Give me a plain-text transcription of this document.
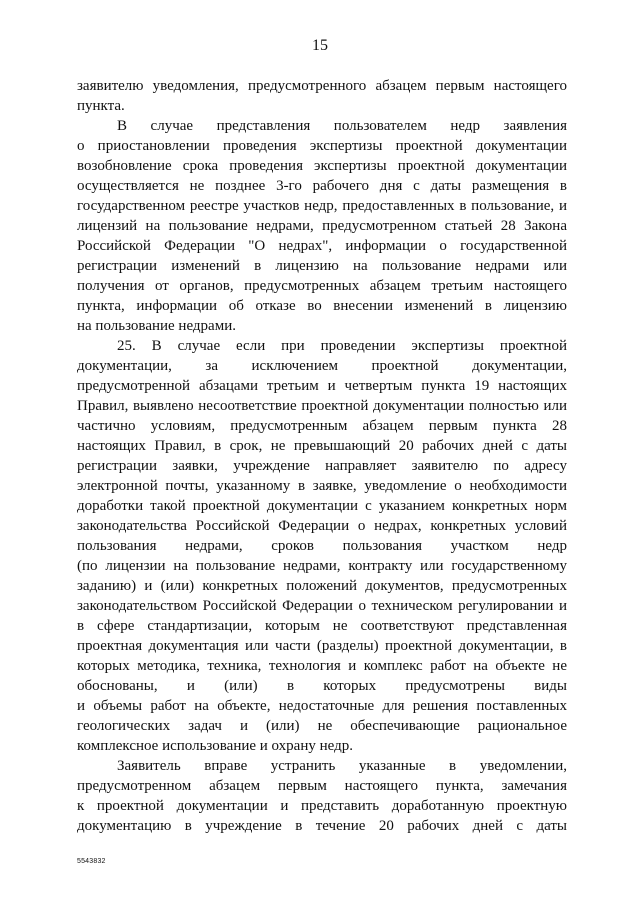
15
заявителю уведомления, предусмотренного абзацем первым настоящего
пункта.
В случае представления пользователем недр заявления
о приостановлении проведения экспертизы проектной документации
возобновление срока проведения экспертизы проектной документации
осуществляется не позднее 3-го рабочего дня с даты размещения в
государственном реестре участков недр, предоставленных в пользование, и
лицензий на пользование недрами, предусмотренном статьей 28 Закона
Российской Федерации "О недрах", информации о государственной
регистрации изменений в лицензию на пользование недрами или
получения от органов, предусмотренных абзацем третьим настоящего
пункта, информации об отказе во внесении изменений в лицензию
на пользование недрами.
25. В случае если при проведении экспертизы проектной
документации, за исключением проектной документации,
предусмотренной абзацами третьим и четвертым пункта 19 настоящих
Правил, выявлено несоответствие проектной документации полностью или
частично условиям, предусмотренным абзацем первым пункта 28
настоящих Правил, в срок, не превышающий 20 рабочих дней с даты
регистрации заявки, учреждение направляет заявителю по адресу
электронной почты, указанному в заявке, уведомление о необходимости
доработки такой проектной документации с указанием конкретных норм
законодательства Российской Федерации о недрах, конкретных условий
пользования недрами, сроков пользования участком недр
(по лицензии на пользование недрами, контракту или государственному
заданию) и (или) конкретных положений документов, предусмотренных
законодательством Российской Федерации о техническом регулировании и
в сфере стандартизации, которым не соответствуют представленная
проектная документация или части (разделы) проектной документации, в
которых методика, техника, технология и комплекс работ на объекте не
обоснованы, и (или) в которых предусмотрены виды
и объемы работ на объекте, недостаточные для решения поставленных
геологических задач и (или) не обеспечивающие рациональное
комплексное использование и охрану недр.
Заявитель вправе устранить указанные в уведомлении,
предусмотренном абзацем первым настоящего пункта, замечания
к проектной документации и представить доработанную проектную
документацию в учреждение в течение 20 рабочих дней с даты
5543832
